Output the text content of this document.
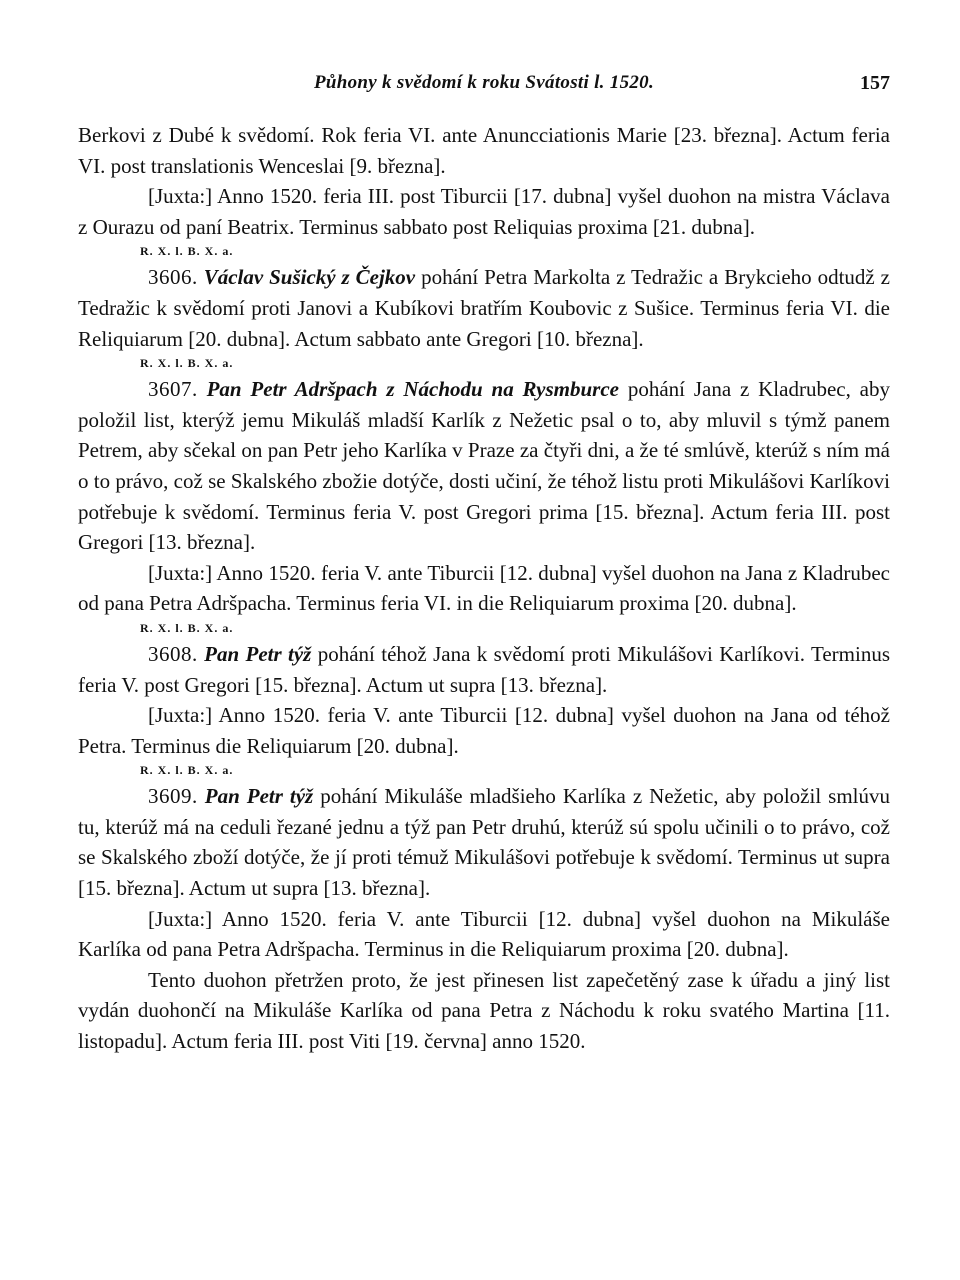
Půhony k svědomí k roku Svátosti l. 1520.	157

Berkovi z Dubé k svědomí. Rok feria VI. ante Anuncciationis Marie [23. března]. Actum feria VI. post translationis Wenceslai [9. března].

[Juxta:] Anno 1520. feria III. post Tiburcii [17. dubna] vyšel duohon na mistra Václava z Ourazu od paní Beatrix. Terminus sabbato post Reliquias proxima [21. dubna].

R. X. l. B. X. a.

3606. Václav Sušický z Čejkov pohání Petra Markolta z Tedražic a Brykcieho odtudž z Tedražic k svědomí proti Janovi a Kubíkovi bratřím Koubovic z Sušice. Terminus feria VI. die Reliquiarum [20. dubna]. Actum sabbato ante Gregori [10. března].

R. X. l. B. X. a.

3607. Pan Petr Adršpach z Náchodu na Rysmburce pohání Jana z Kladrubec, aby položil list, kterýž jemu Mikuláš mladší Karlík z Nežetic psal o to, aby mluvil s týmž panem Petrem, aby sčekal on pan Petr jeho Karlíka v Praze za čtyři dni, a že té smlúvě, kterúž s ním má o to právo, což se Skalského zbožie dotýče, dosti učiní, že téhož listu proti Mikulášovi Karlíkovi potřebuje k svědomí. Terminus feria V. post Gregori prima [15. března]. Actum feria III. post Gregori [13. března].

[Juxta:] Anno 1520. feria V. ante Tiburcii [12. dubna] vyšel duohon na Jana z Kladrubec od pana Petra Adršpacha. Terminus feria VI. in die Reliquiarum proxima [20. dubna].

R. X. l. B. X. a.

3608. Pan Petr týž pohání téhož Jana k svědomí proti Mikulášovi Karlíkovi. Terminus feria V. post Gregori [15. března]. Actum ut supra [13. března].

[Juxta:] Anno 1520. feria V. ante Tiburcii [12. dubna] vyšel duohon na Jana od téhož Petra. Terminus die Reliquiarum [20. dubna].

R. X. l. B. X. a.

3609. Pan Petr týž pohání Mikuláše mladšieho Karlíka z Nežetic, aby položil smlúvu tu, kterúž má na ceduli řezané jednu a týž pan Petr druhú, kterúž sú spolu učinili o to právo, což se Skalského zboží dotýče, že jí proti témuž Mikulášovi potřebuje k svědomí. Terminus ut supra [15. března]. Actum ut supra [13. března].

[Juxta:] Anno 1520. feria V. ante Tiburcii [12. dubna] vyšel duohon na Mikuláše Karlíka od pana Petra Adršpacha. Terminus in die Reliquiarum proxima [20. dubna].

Tento duohon přetržen proto, že jest přinesen list zapečetěný zase k úřadu a jiný list vydán duohončí na Mikuláše Karlíka od pana Petra z Náchodu k roku svatého Martina [11. listopadu]. Actum feria III. post Viti [19. června] anno 1520.
